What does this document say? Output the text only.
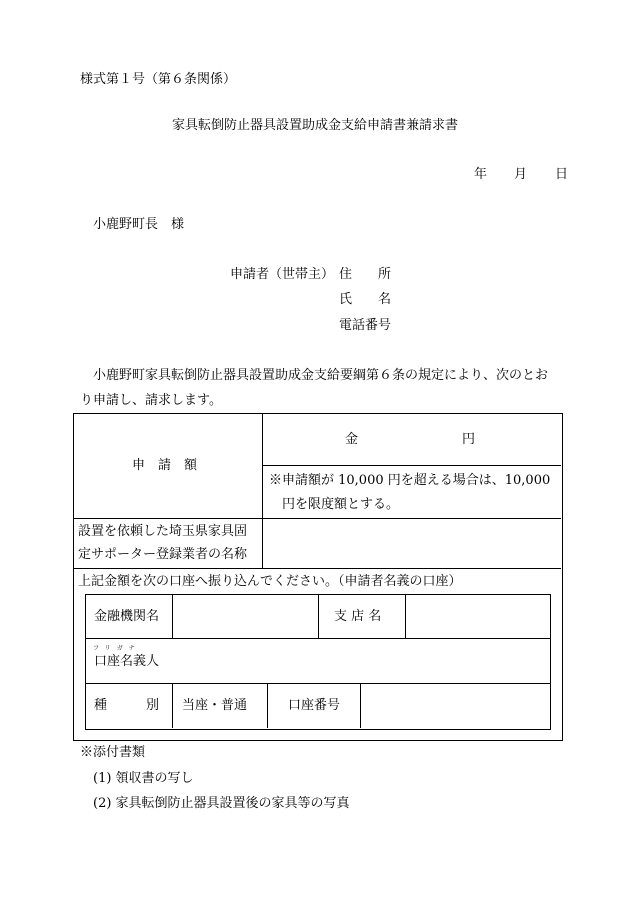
様式第１号（第６条関係）
家具転倒防止器具設置助成金支給申請書兼請求書
年 月 日
小鹿野町長　様
申請者（世帯主） 住　　所
氏　　名
電話番号
小鹿野町家具転倒防止器具設置助成金支給要綱第６条の規定により、次のとお
り申請し、請求します。
申　請　額
金	円
※申請額が 10,000 円を超える場合は、10,000
円を限度額とする。
設置を依頼した埼玉県家具固
定サポーター登録業者の名称
上記金額を次の口座へ振り込んでください。（申請者名義の口座）
金融機関名	支 店 名
フリガナ
口座名義人
種　　　別 当座・普通	口座番号
※添付書類
(1) 領収書の写し
(2) 家具転倒防止器具設置後の家具等の写真
